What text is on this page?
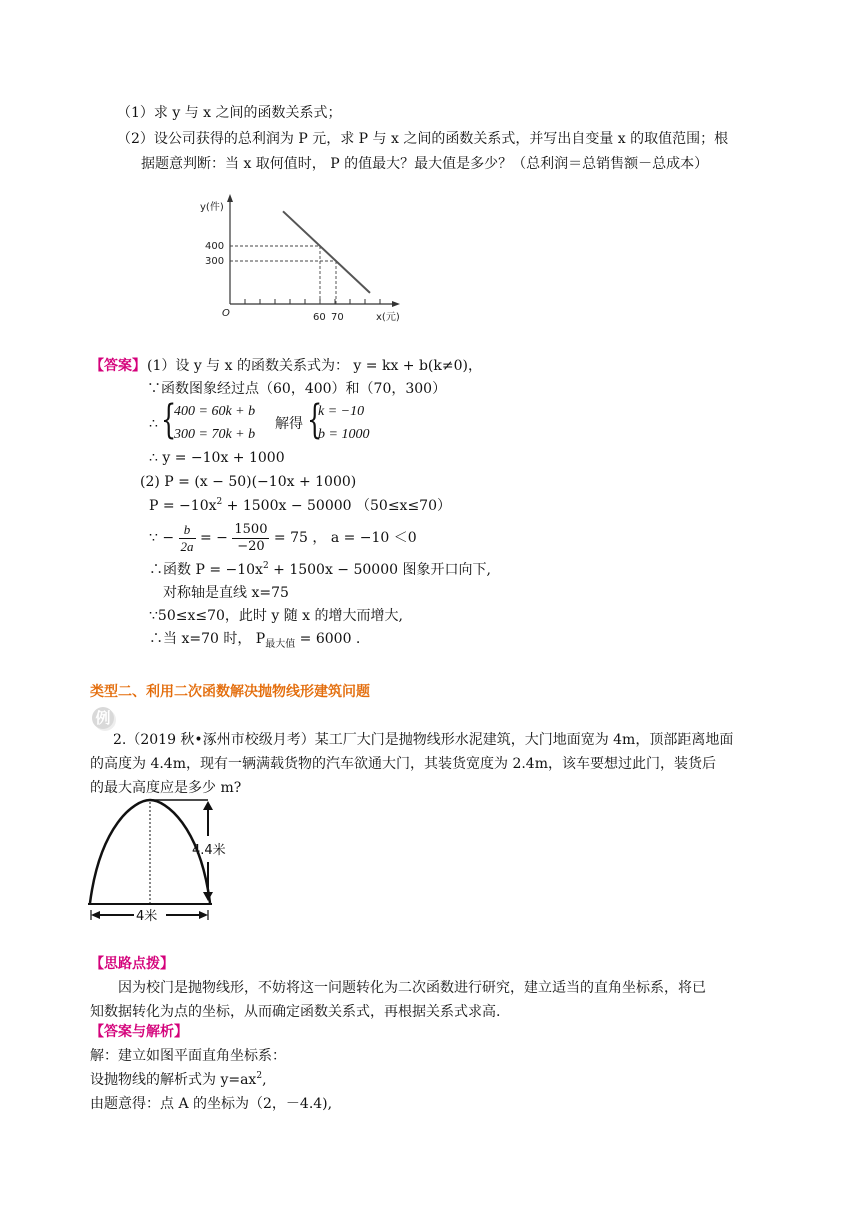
（1）求 y 与 x 之间的函数关系式；
（2）设公司获得的总利润为 P 元，求 P 与 x 之间的函数关系式，并写出自变量 x 的取值范围；根
据题意判断：当 x 取何值时， P 的值最大？最大值是多少？（总利润＝总销售额－总成本）
y(件)
400
300
O	60 70	x(元)
【答案】 (1）设 y 与 x 的函数关系式为： y = kx + b(k≠0)，
∵函数图象经过点（60，400）和（70，300）
∴ {
400 = 60k + b
300 = 70k + b
解得 {
k = −10
b = 1000
∴ y = −10x + 1000
(2) P = (x − 50)(−10x + 1000)
$P = -10x^2 + 1500x - 50000$ （50≤x≤70）
∵ − $\frac{b}{2a}$ = − $\frac{1500}{-20} = 75$ ， a = −10 ＜0
∴函数 $P = -10x^2 + 1500x - 50000$ 图象开口向下,
对称轴是直线 x=75
∵50≤x≤70，此时 y 随 x 的增大而增大,
∴当 x=70 时， $P_{最大值} = 6000$ .
类型二、利用二次函数解决抛物线形建筑问题
例
2.（2019 秋•涿州市校级月考）某工厂大门是抛物线形水泥建筑，大门地面宽为 4m，顶部距离地面
的高度为 4.4m，现有一辆满载货物的汽车欲通大门，其装货宽度为 2.4m，该车要想过此门，装货后
的最大高度应是多少 m?
4.4米
4米
【思路点拨】
因为校门是抛物线形，不妨将这一问题转化为二次函数进行研究，建立适当的直角坐标系，将已
知数据转化为点的坐标，从而确定函数关系式，再根据关系式求高.
【答案与解析】
解：建立如图平面直角坐标系：
设抛物线的解析式为 $y=ax^2$,
由题意得：点 A 的坐标为（2，－4.4),
